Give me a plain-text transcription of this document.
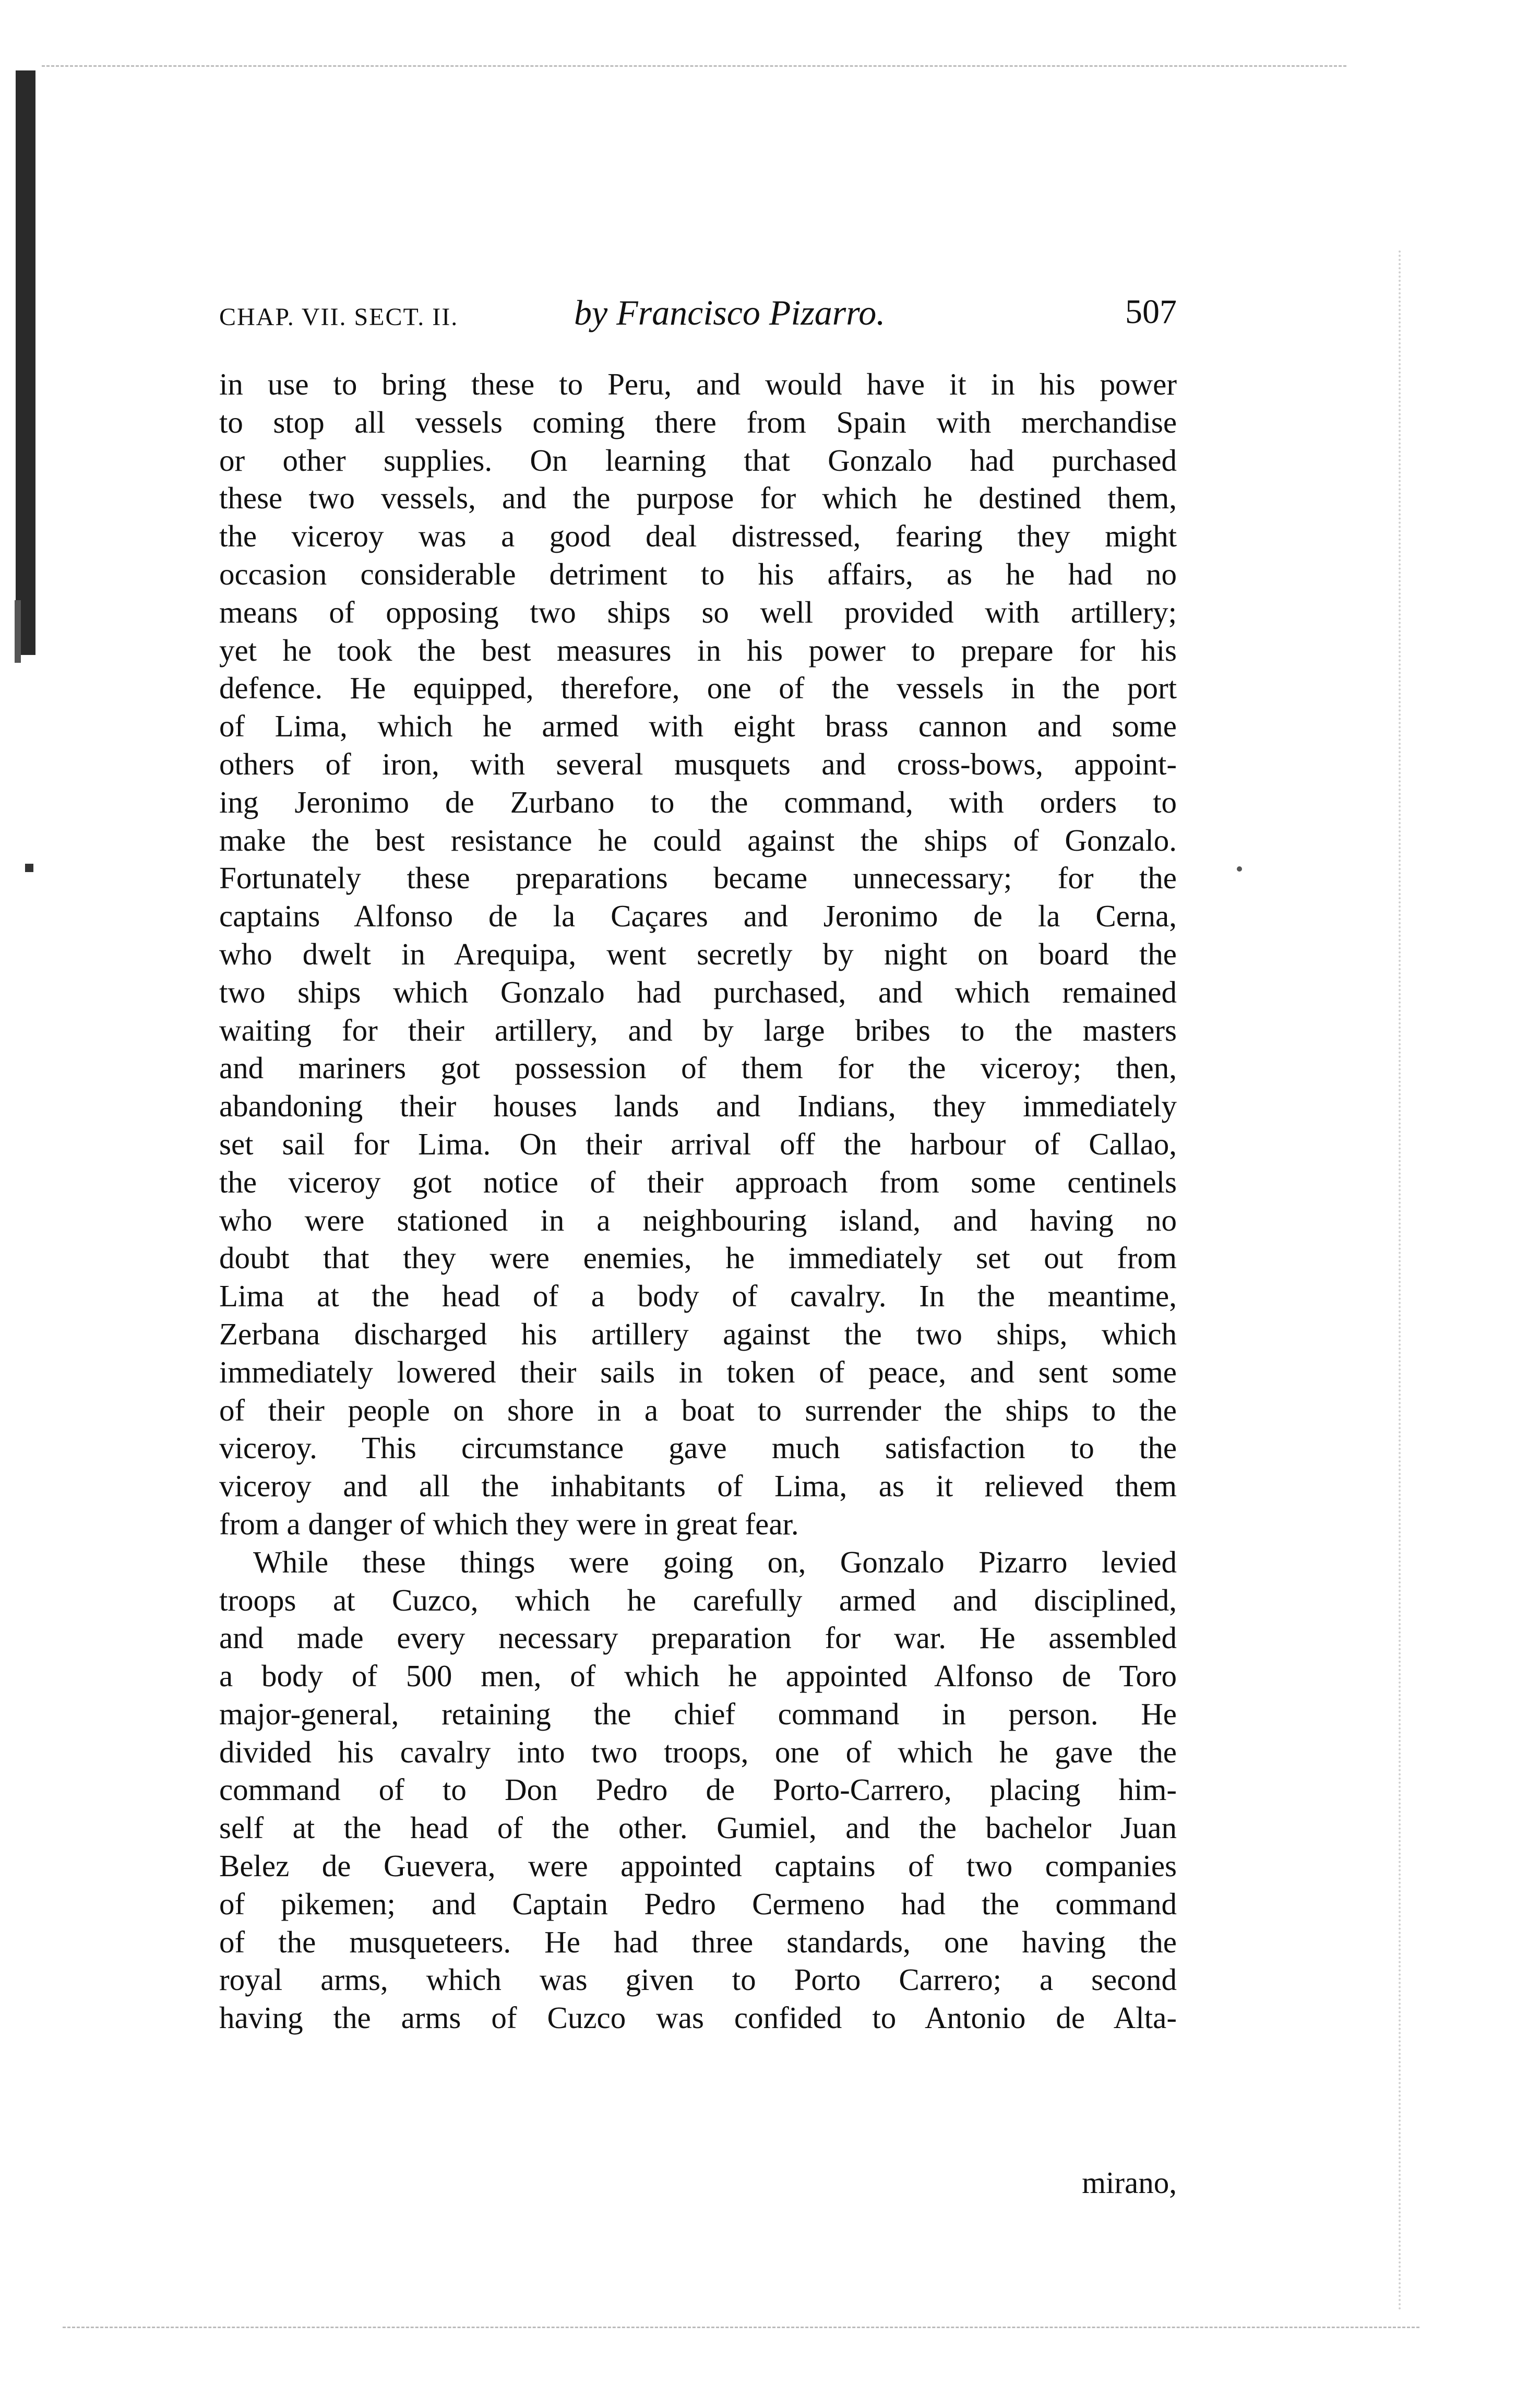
CHAP. VII. SECT. II.	by Francisco Pizarro.	507
in use to bring these to Peru, and would have it in his power
to stop all vessels coming there from Spain with merchandise
or other supplies. On learning that Gonzalo had purchased
these two vessels, and the purpose for which he destined them,
the viceroy was a good deal distressed, fearing they might
occasion considerable detriment to his affairs, as he had no
means of opposing two ships so well provided with artillery;
yet he took the best measures in his power to prepare for his
defence. He equipped, therefore, one of the vessels in the port
of Lima, which he armed with eight brass cannon and some
others of iron, with several musquets and cross-bows, appoint-
ing Jeronimo de Zurbano to the command, with orders to
make the best resistance he could against the ships of Gonzalo.
Fortunately these preparations became unnecessary; for the
captains Alfonso de la Caçares and Jeronimo de la Cerna,
who dwelt in Arequipa, went secretly by night on board the
two ships which Gonzalo had purchased, and which remained
waiting for their artillery, and by large bribes to the masters
and mariners got possession of them for the viceroy; then,
abandoning their houses lands and Indians, they immediately
set sail for Lima. On their arrival off the harbour of Callao,
the viceroy got notice of their approach from some centinels
who were stationed in a neighbouring island, and having no
doubt that they were enemies, he immediately set out from
Lima at the head of a body of cavalry. In the meantime,
Zerbana discharged his artillery against the two ships, which
immediately lowered their sails in token of peace, and sent some
of their people on shore in a boat to surrender the ships to the
viceroy. This circumstance gave much satisfaction to the
viceroy and all the inhabitants of Lima, as it relieved them
from a danger of which they were in great fear.
While these things were going on, Gonzalo Pizarro levied
troops at Cuzco, which he carefully armed and disciplined,
and made every necessary preparation for war. He assembled
a body of 500 men, of which he appointed Alfonso de Toro
major-general, retaining the chief command in person. He
divided his cavalry into two troops, one of which he gave the
command of to Don Pedro de Porto-Carrero, placing him-
self at the head of the other. Gumiel, and the bachelor Juan
Belez de Guevera, were appointed captains of two companies
of pikemen; and Captain Pedro Cermeno had the command
of the musqueteers. He had three standards, one having the
royal arms, which was given to Porto Carrero; a second
having the arms of Cuzco was confided to Antonio de Alta-
mirano,
